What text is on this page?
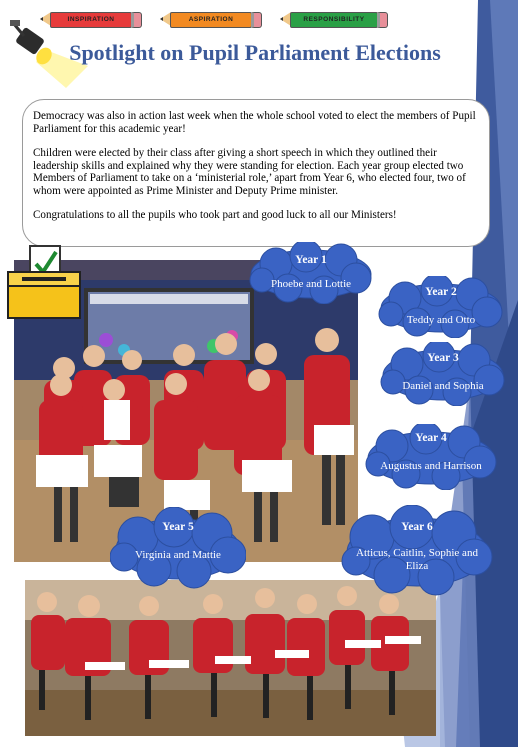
INSPIRATION	ASPIRATION	RESPONSIBILITY
Spotlight on Pupil Parliament Elections

Democracy was also in action last week when the whole school voted to elect the members of Pupil Parliament for this academic year!

Children were elected by their class after giving a short speech in which they outlined their leadership skills and explained why they were standing for election. Each year group elected two Members of Parliament to take on a ‘ministerial role,’ apart from Year 6, who elected four, two of whom were appointed as Prime Minister and Deputy Prime minister.

Congratulations to all the pupils who took part and good luck to all our Ministers!

Year 1
Phoebe and Lottie
Year 2
Teddy and Otto
Year 3
Daniel and Sophia
Year 4
Augustus and Harrison
Year 5
Virginia and Mattie
Year 6
Atticus, Caitlin, Sophie and Eliza
